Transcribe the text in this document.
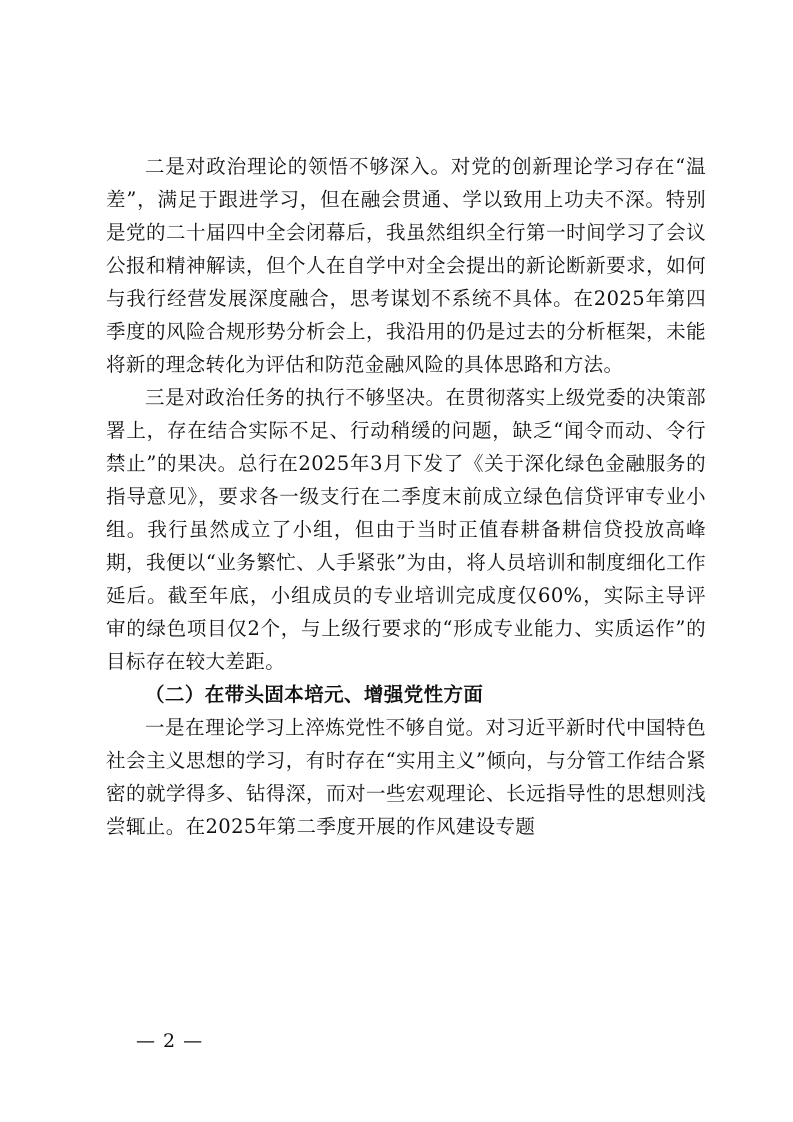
二是对政治理论的领悟不够深入。对党的创新理论学习存在“温差”，满足于跟进学习，但在融会贯通、学以致用上功夫不深。特别是党的二十届四中全会闭幕后，我虽然组织全行第一时间学习了会议公报和精神解读，但个人在自学中对全会提出的新论断新要求，如何与我行经营发展深度融合，思考谋划不系统不具体。在2025年第四季度的风险合规形势分析会上，我沿用的仍是过去的分析框架，未能将新的理念转化为评估和防范金融风险的具体思路和方法。

三是对政治任务的执行不够坚决。在贯彻落实上级党委的决策部署上，存在结合实际不足、行动稍缓的问题，缺乏“闻令而动、令行禁止”的果决。总行在2025年3月下发了《关于深化绿色金融服务的指导意见》，要求各一级支行在二季度末前成立绿色信贷评审专业小组。我行虽然成立了小组，但由于当时正值春耕备耕信贷投放高峰期，我便以“业务繁忙、人手紧张”为由，将人员培训和制度细化工作延后。截至年底，小组成员的专业培训完成度仅60%，实际主导评审的绿色项目仅2个，与上级行要求的“形成专业能力、实质运作”的目标存在较大差距。

（二）在带头固本培元、增强党性方面

一是在理论学习上淬炼党性不够自觉。对习近平新时代中国特色社会主义思想的学习，有时存在“实用主义”倾向，与分管工作结合紧密的就学得多、钻得深，而对一些宏观理论、长远指导性的思想则浅尝辄止。在2025年第二季度开展的作风建设专题

— 2 —
